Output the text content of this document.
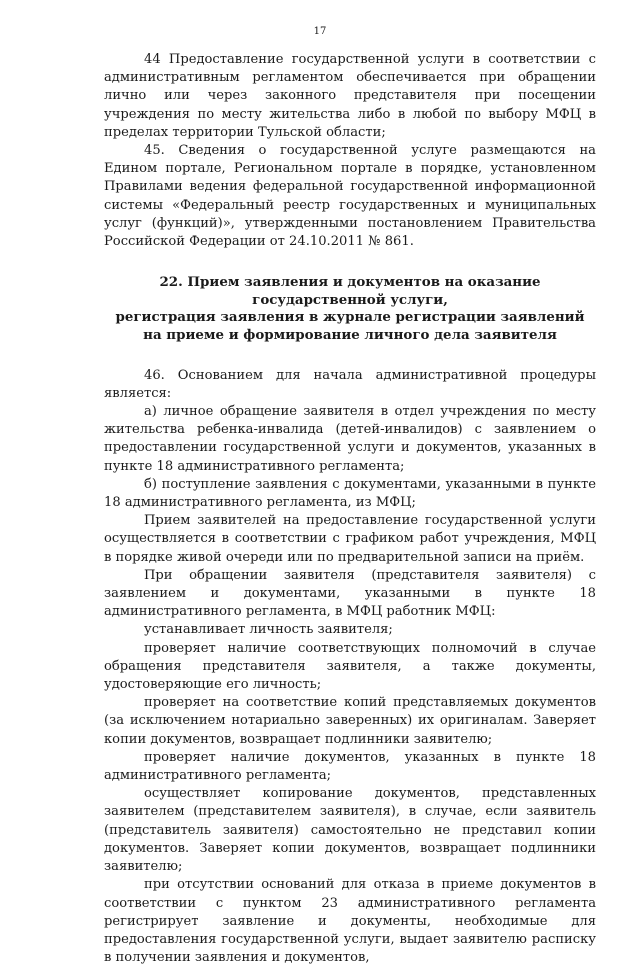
17

44 Предоставление государственной услуги в соответствии с административным регламентом обеспечивается при обращении лично или через законного представителя при посещении учреждения по месту жительства либо в любой по выбору МФЦ в пределах территории Тульской области;

45. Сведения о государственной услуге размещаются на Едином портале, Региональном портале в порядке, установленном Правилами ведения федеральной государственной информационной системы «Федеральный реестр государственных и муниципальных услуг (функций)», утвержденными постановлением Правительства Российской Федерации от 24.10.2011 № 861.

22. Прием заявления и документов на оказание государственной услуги,
регистрация заявления в журнале регистрации заявлений
на приеме и формирование личного дела заявителя

46. Основанием для начала административной процедуры является:

а) личное обращение заявителя в отдел учреждения по месту жительства ребенка-инвалида (детей-инвалидов) с заявлением о предоставлении государственной услуги и документов, указанных в пункте 18 административного регламента;

б) поступление заявления с документами, указанными в пункте 18 административного регламента, из МФЦ;

Прием заявителей на предоставление государственной услуги осуществляется в соответствии с графиком работ учреждения, МФЦ в порядке живой очереди или по предварительной записи на приём.

При обращении заявителя (представителя заявителя) с заявлением и документами, указанными в пункте 18 административного регламента, в МФЦ работник МФЦ:

устанавливает личность заявителя;

проверяет наличие соответствующих полномочий в случае обращения представителя заявителя, а также документы, удостоверяющие его личность;

проверяет на соответствие копий представляемых документов (за исключением нотариально заверенных) их оригиналам. Заверяет копии документов, возвращает подлинники заявителю;

проверяет наличие документов, указанных в пункте 18 административного регламента;

осуществляет копирование документов, представленных заявителем (представителем заявителя), в случае, если заявитель (представитель заявителя) самостоятельно не представил копии документов. Заверяет копии документов, возвращает подлинники заявителю;

при отсутствии оснований для отказа в приеме документов в соответствии с пунктом 23 административного регламента регистрирует заявление и документы, необходимые для предоставления государственной услуги, выдает заявителю расписку в получении заявления и документов,
